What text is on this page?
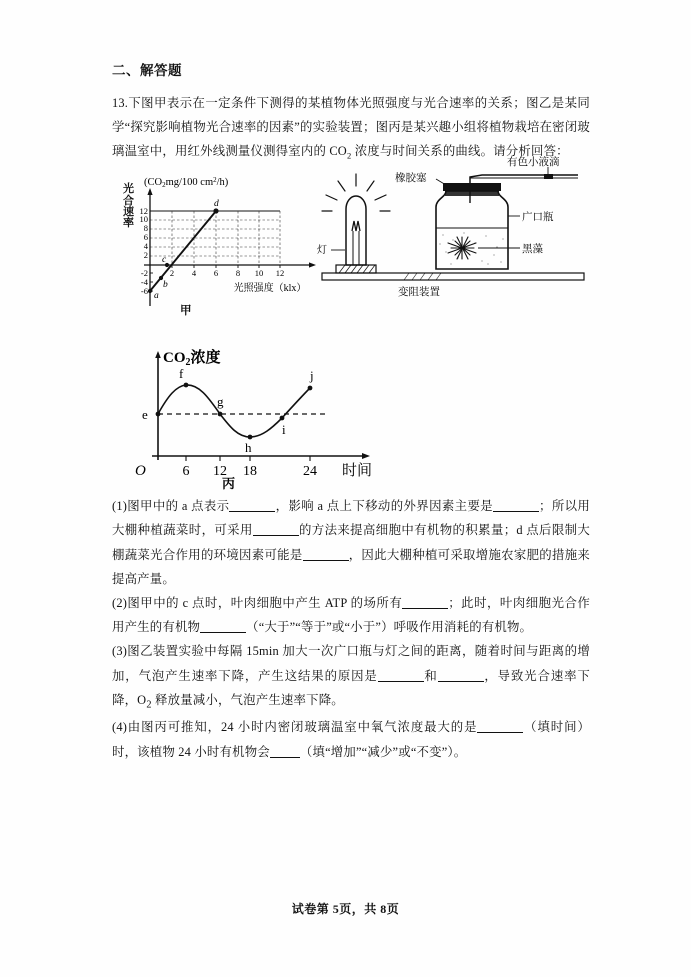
二、解答题

13.下图甲表示在一定条件下测得的某植物体光照强度与光合速率的关系；图乙是某同学“探究影响植物光合速率的因素”的实验装置；图丙是某兴趣小组将植物栽培在密闭玻璃温室中，用红外线测量仪测得室内的 $CO_2$ 浓度与时间关系的曲线。请分析回答：

光合速率
(CO2mg/100 $cm^2/h$)
12
10
8
6
4
2
-2
-4
-6
2 4 6 8 10 12
a
b
c
d
光照强度（klx）
甲
灯
变阻装置
橡胶塞
有色小液滴
广口瓶
黑藻
$CO_2$浓度
e
f
g
h
i
j
6 12 18	24
O	时间
丙

(1)图甲中的 a 点表示	，影响 a 点上下移动的外界因素主要是	；所以用大棚种植蔬菜时，可采用	的方法来提高细胞中有机物的积累量；d 点后限制大棚蔬菜光合作用的环境因素可能是	，因此大棚种植可采取增施农家肥的措施来提高产量。

(2)图甲中的 c 点时，叶肉细胞中产生 ATP 的场所有	；此时，叶肉细胞光合作用产生的有机物	（“大于”“等于”或“小于”）呼吸作用消耗的有机物。

(3)图乙装置实验中每隔 15min 加大一次广口瓶与灯之间的距离，随着时间与距离的增加，气泡产生速率下降，产生这结果的原因是	和	，导致光合速率下降，$O_2$ 释放量减小，气泡产生速率下降。

(4)由图丙可推知，24 小时内密闭玻璃温室中氧气浓度最大的是	（填时间）时，该植物 24 小时有机物会 （填“增加”“减少”或“不变”）。

试卷第 5页，共 8页
